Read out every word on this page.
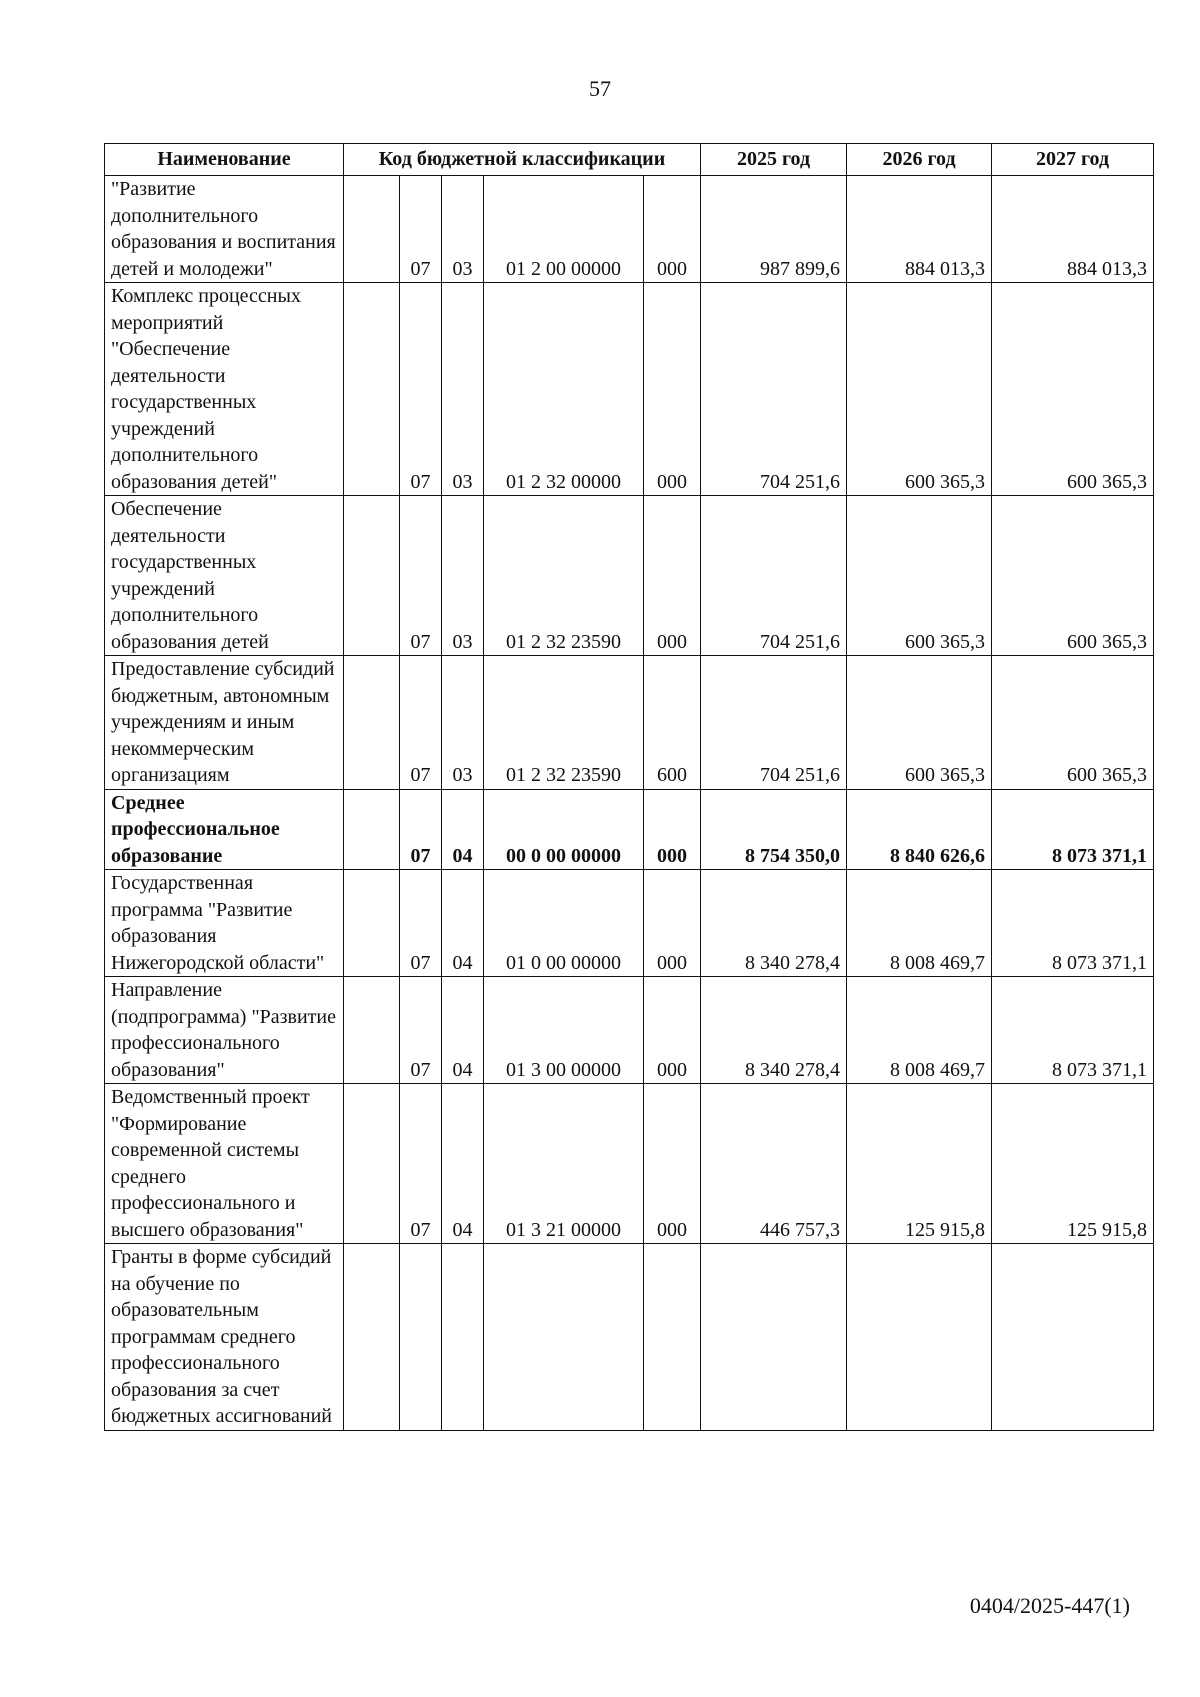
57
Наименование	Код бюджетной классификации					2025 год	2026 год	2027 год
"Развитие дополнительного образования и воспитания детей и молодежи"		07	03	01 2 00 00000	000	987 899,6	884 013,3	884 013,3
Комплекс процессных мероприятий "Обеспечение деятельности государственных учреждений дополнительного образования детей"		07	03	01 2 32 00000	000	704 251,6	600 365,3	600 365,3
Обеспечение деятельности государственных учреждений дополнительного образования детей		07	03	01 2 32 23590	000	704 251,6	600 365,3	600 365,3
Предоставление субсидий бюджетным, автономным учреждениям и иным некоммерческим организациям		07	03	01 2 32 23590	600	704 251,6	600 365,3	600 365,3
Среднее профессиональное образование		07	04	00 0 00 00000	000	8 754 350,0	8 840 626,6	8 073 371,1
Государственная программа "Развитие образования Нижегородской области"		07	04	01 0 00 00000	000	8 340 278,4	8 008 469,7	8 073 371,1
Направление (подпрограмма) "Развитие профессионального образования"		07	04	01 3 00 00000	000	8 340 278,4	8 008 469,7	8 073 371,1
Ведомственный проект "Формирование современной системы среднего профессионального и высшего образования"		07	04	01 3 21 00000	000	446 757,3	125 915,8	125 915,8
Гранты в форме субсидий на обучение по образовательным программам среднего профессионального образования за счет бюджетных ассигнований								
0404/2025-447(1)
